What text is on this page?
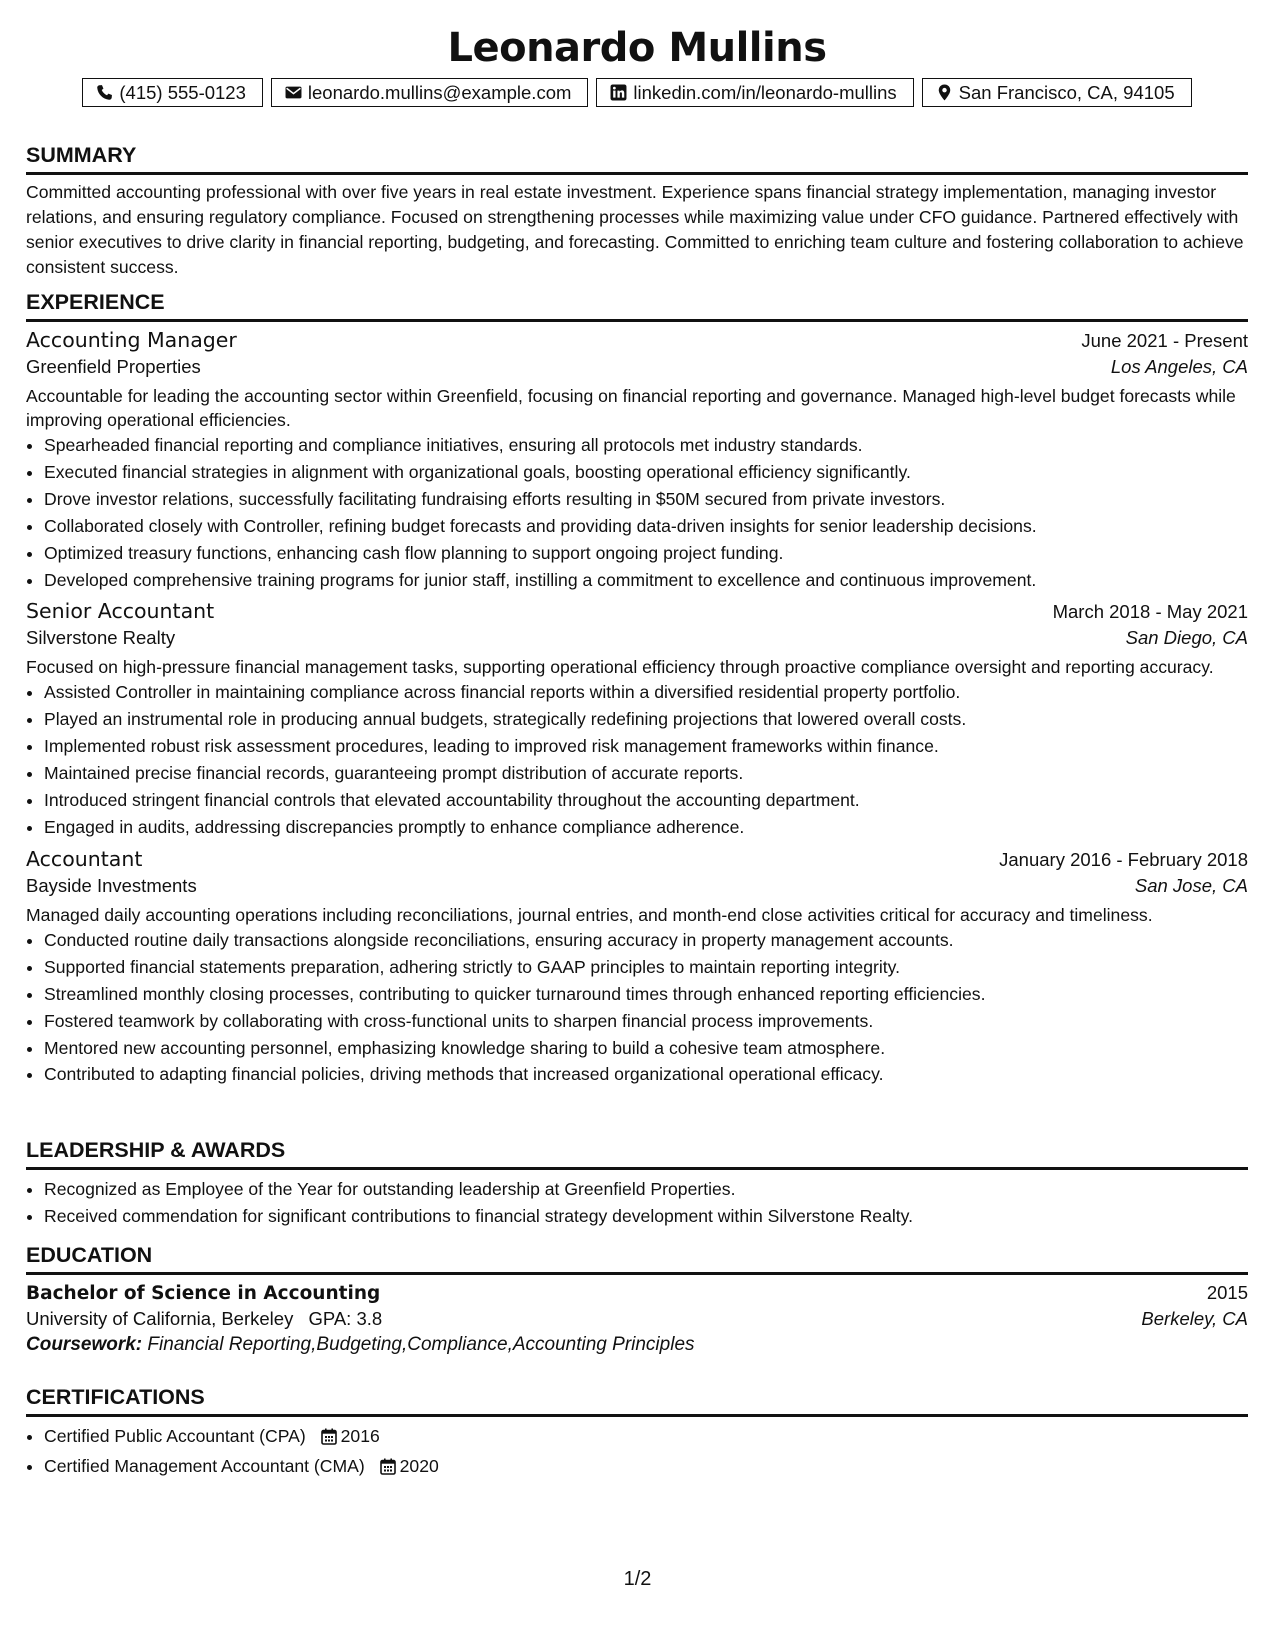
Leonardo Mullins
(415) 555-0123	leonardo.mullins@example.com	linkedin.com/in/leonardo-mullins	San Francisco, CA, 94105
SUMMARY

Committed accounting professional with over five years in real estate investment. Experience spans financial strategy implementation, managing investor relations, and ensuring regulatory compliance. Focused on strengthening processes while maximizing value under CFO guidance. Partnered effectively with senior executives to drive clarity in financial reporting, budgeting, and forecasting. Committed to enriching team culture and fostering collaboration to achieve consistent success.

EXPERIENCE
Accounting Manager	June 2021 - Present
Greenfield Properties	Los Angeles, CA

Accountable for leading the accounting sector within Greenfield, focusing on financial reporting and governance. Managed high-level budget forecasts while improving operational efficiencies.

• Spearheaded financial reporting and compliance initiatives, ensuring all protocols met industry standards.
• Executed financial strategies in alignment with organizational goals, boosting operational efficiency significantly.
• Drove investor relations, successfully facilitating fundraising efforts resulting in $50M secured from private investors.
• Collaborated closely with Controller, refining budget forecasts and providing data-driven insights for senior leadership decisions.
• Optimized treasury functions, enhancing cash flow planning to support ongoing project funding.
• Developed comprehensive training programs for junior staff, instilling a commitment to excellence and continuous improvement.
Senior Accountant	March 2018 - May 2021
Silverstone Realty	San Diego, CA

Focused on high-pressure financial management tasks, supporting operational efficiency through proactive compliance oversight and reporting accuracy.

• Assisted Controller in maintaining compliance across financial reports within a diversified residential property portfolio.
• Played an instrumental role in producing annual budgets, strategically redefining projections that lowered overall costs.
• Implemented robust risk assessment procedures, leading to improved risk management frameworks within finance.
• Maintained precise financial records, guaranteeing prompt distribution of accurate reports.
• Introduced stringent financial controls that elevated accountability throughout the accounting department.
• Engaged in audits, addressing discrepancies promptly to enhance compliance adherence.
Accountant	January 2016 - February 2018
Bayside Investments	San Jose, CA

Managed daily accounting operations including reconciliations, journal entries, and month-end close activities critical for accuracy and timeliness.

• Conducted routine daily transactions alongside reconciliations, ensuring accuracy in property management accounts.
• Supported financial statements preparation, adhering strictly to GAAP principles to maintain reporting integrity.
• Streamlined monthly closing processes, contributing to quicker turnaround times through enhanced reporting efficiencies.
• Fostered teamwork by collaborating with cross-functional units to sharpen financial process improvements.
• Mentored new accounting personnel, emphasizing knowledge sharing to build a cohesive team atmosphere.
• Contributed to adapting financial policies, driving methods that increased organizational operational efficacy.
LEADERSHIP & AWARDS
• Recognized as Employee of the Year for outstanding leadership at Greenfield Properties.
• Received commendation for significant contributions to financial strategy development within Silverstone Realty.
EDUCATION
Bachelor of Science in Accounting	2015
University of California, Berkeley GPA: 3.8	Berkeley, CA
Coursework: Financial Reporting,Budgeting,Compliance,Accounting Principles
CERTIFICATIONS
• Certified Public Accountant (CPA) 2016
• Certified Management Accountant (CMA) 2020
1/2
